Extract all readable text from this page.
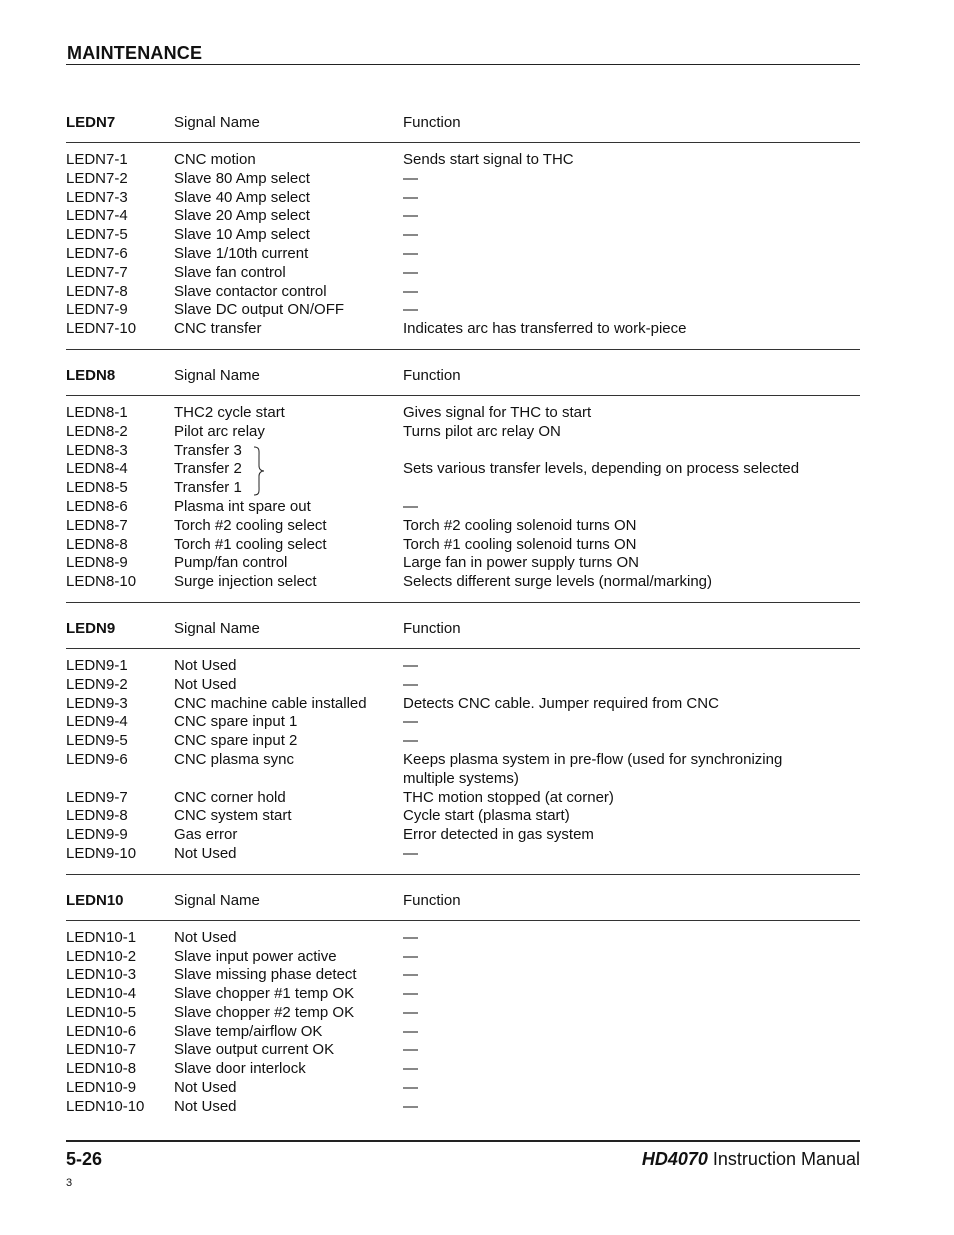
MAINTENANCE
LEDN7	Signal Name	Function
LEDN7-1	CNC motion	Sends start signal to THC
LEDN7-2	Slave 80 Amp select	—
LEDN7-3	Slave 40 Amp select	—
LEDN7-4	Slave 20 Amp select	—
LEDN7-5	Slave 10 Amp select	—
LEDN7-6	Slave 1/10th current	—
LEDN7-7	Slave fan control	—
LEDN7-8	Slave contactor control	—
LEDN7-9	Slave DC output ON/OFF	—
LEDN7-10	CNC transfer	Indicates arc has transferred to work-piece
LEDN8	Signal Name	Function
LEDN8-1	THC2 cycle start	Gives signal for THC to start
LEDN8-2	Pilot arc relay	Turns pilot arc relay ON
LEDN8-3	Transfer 3
LEDN8-4	Transfer 2	Sets various transfer levels, depending on process selected
LEDN8-5	Transfer 1
LEDN8-6	Plasma int spare out	—
LEDN8-7	Torch #2 cooling select	Torch #2 cooling solenoid turns ON
LEDN8-8	Torch #1 cooling select	Torch #1 cooling solenoid turns ON
LEDN8-9	Pump/fan control	Large fan in power supply turns ON
LEDN8-10	Surge injection select	Selects different surge levels (normal/marking)
LEDN9	Signal Name	Function
LEDN9-1	Not Used	—
LEDN9-2	Not Used	—
LEDN9-3	CNC machine cable installed	Detects CNC cable. Jumper required from CNC
LEDN9-4	CNC spare input 1	—
LEDN9-5	CNC spare input 2	—
LEDN9-6	CNC plasma sync	Keeps plasma system in pre-flow (used for synchronizing multiple systems)
LEDN9-7	CNC corner hold	THC motion stopped (at corner)
LEDN9-8	CNC system start	Cycle start (plasma start)
LEDN9-9	Gas error	Error detected in gas system
LEDN9-10	Not Used	—
LEDN10	Signal Name	Function
LEDN10-1	Not Used	—
LEDN10-2	Slave input power active	—
LEDN10-3	Slave missing phase detect	—
LEDN10-4	Slave chopper #1 temp OK	—
LEDN10-5	Slave chopper #2 temp OK	—
LEDN10-6	Slave temp/airflow OK	—
LEDN10-7	Slave output current OK	—
LEDN10-8	Slave door interlock	—
LEDN10-9	Not Used	—
LEDN10-10	Not Used	—
5-26	HD4070 Instruction Manual
3
